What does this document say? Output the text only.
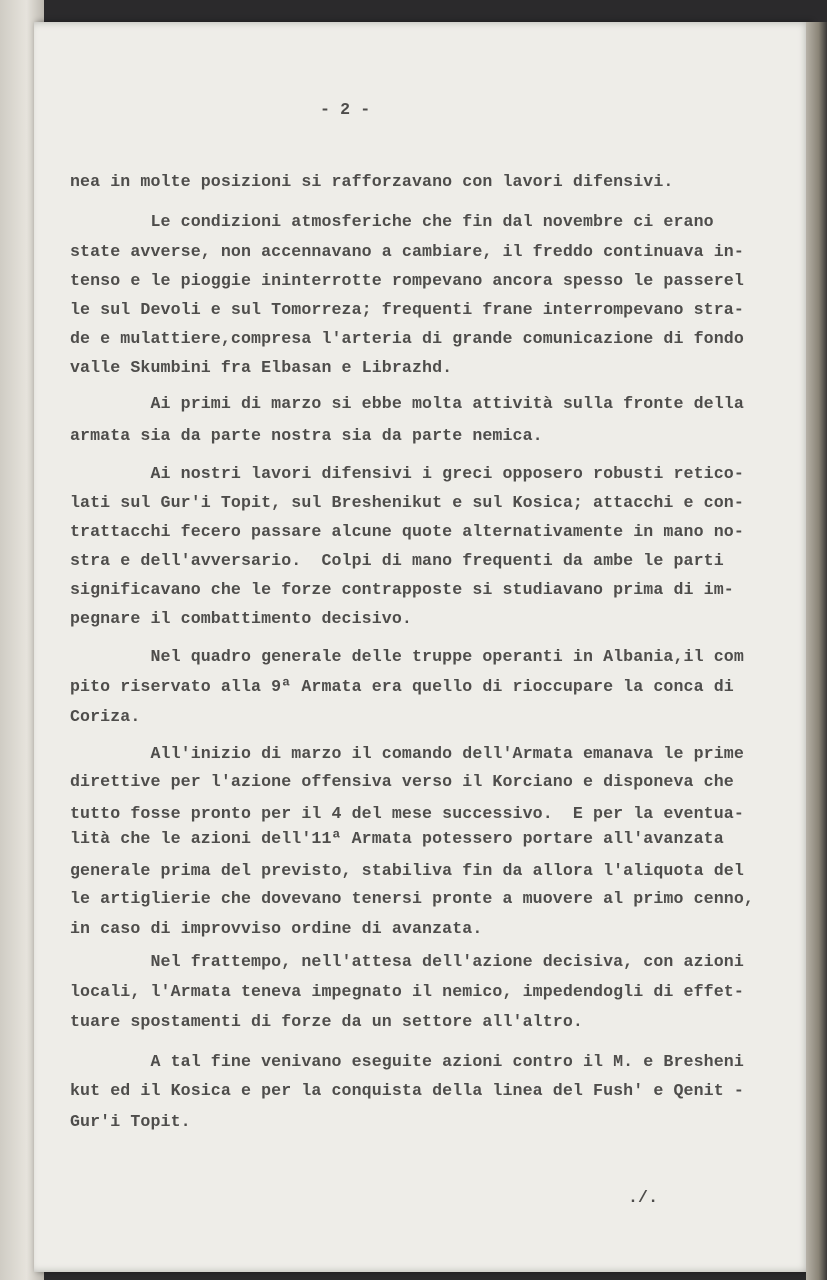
- 2 -
nea in molte posizioni si rafforzavano con lavori difensivi.
Le condizioni atmosferiche che fin dal novembre ci erano
state avverse, non accennavano a cambiare, il freddo continuava in-
tenso e le pioggie ininterrotte rompevano ancora spesso le passerel
le sul Devoli e sul Tomorreza; frequenti frane interrompevano stra-
de e mulattiere,compresa l'arteria di grande comunicazione di fondo
valle Skumbini fra Elbasan e Librazhd.
Ai primi di marzo si ebbe molta attività sulla fronte della
armata sia da parte nostra sia da parte nemica.
Ai nostri lavori difensivi i greci opposero robusti retico-
lati sul Gur'i Topit, sul Breshenikut e sul Kosica; attacchi e con-
trattacchi fecero passare alcune quote alternativamente in mano no-
stra e dell'avversario.  Colpi di mano frequenti da ambe le parti
significavano che le forze contrapposte si studiavano prima di im-
pegnare il combattimento decisivo.
Nel quadro generale delle truppe operanti in Albania,il com
pito riservato alla 9ª Armata era quello di rioccupare la conca di
Coriza.
All'inizio di marzo il comando dell'Armata emanava le prime
direttive per l'azione offensiva verso il Korciano e disponeva che
tutto fosse pronto per il 4 del mese successivo.  E per la eventua-
lità che le azioni dell'11ª Armata potessero portare all'avanzata
generale prima del previsto, stabiliva fin da allora l'aliquota del
le artiglierie che dovevano tenersi pronte a muovere al primo cenno,
in caso di improvviso ordine di avanzata.
Nel frattempo, nell'attesa dell'azione decisiva, con azioni
locali, l'Armata teneva impegnato il nemico, impedendogli di effet-
tuare spostamenti di forze da un settore all'altro.
A tal fine venivano eseguite azioni contro il M. e Bresheni
kut ed il Kosica e per la conquista della linea del Fush' e Qenit -
Gur'i Topit.
./.
